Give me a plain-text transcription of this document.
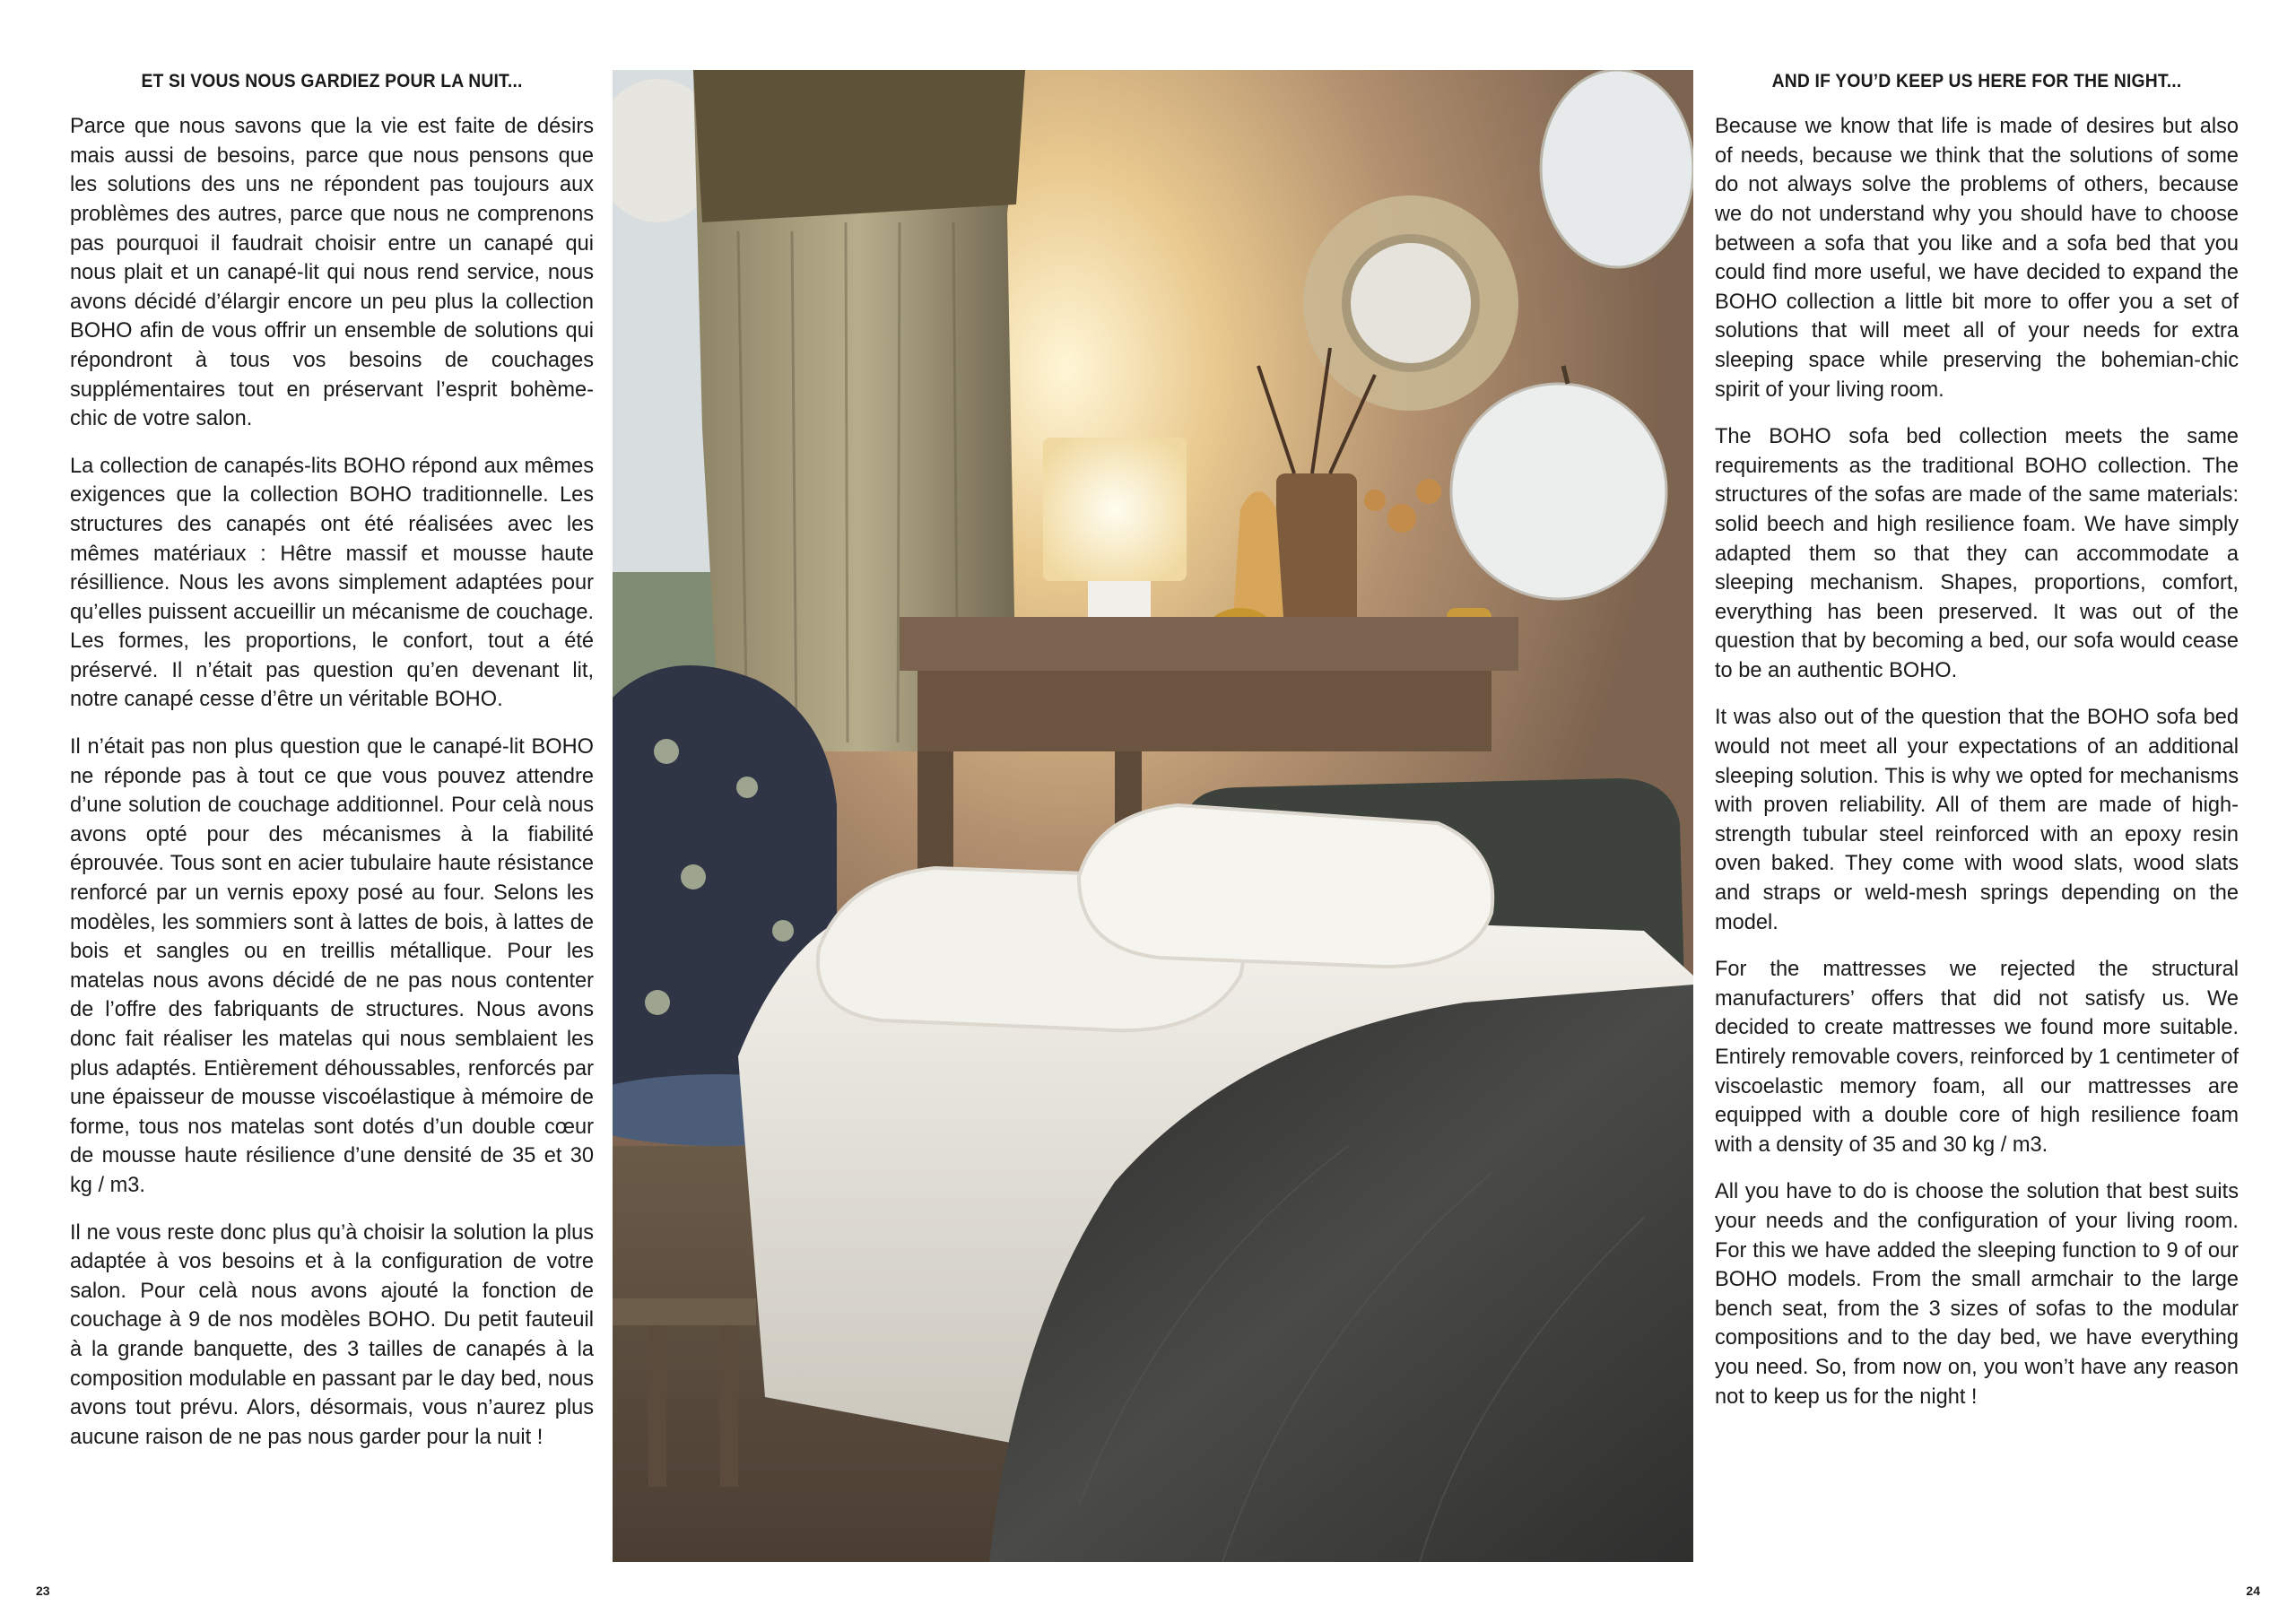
ET SI VOUS NOUS GARDIEZ POUR LA NUIT...

Parce que nous savons que la vie est faite de désirs mais aussi de besoins, parce que nous pensons que les solutions des uns ne répondent pas toujours aux problèmes des autres, parce que nous ne comprenons pas pourquoi il faudrait choisir entre un canapé qui nous plait et un canapé-lit qui nous rend service, nous avons décidé d’élargir encore un peu plus la collection BOHO afin de vous offrir un ensemble de solutions qui répondront à tous vos besoins de couchages supplémentaires tout en préservant l’esprit bohème-chic de votre salon.

La collection de canapés-lits BOHO répond aux mêmes exigences que la collection BOHO traditionnelle. Les structures des canapés ont été réalisées avec les mêmes matériaux : Hêtre massif et mousse haute résillience. Nous les avons simplement adaptées pour qu’elles puissent accueillir un mécanisme de couchage. Les formes, les proportions, le confort, tout a été préservé. Il n’était pas question qu’en devenant lit, notre canapé cesse d’être un véritable BOHO.

Il n’était pas non plus question que le canapé-lit BOHO ne réponde pas à tout ce que vous pouvez attendre d’une solution de couchage additionnel. Pour celà nous avons opté pour des mécanismes à la fiabilité éprouvée. Tous sont en acier tubulaire haute résistance renforcé par un vernis epoxy posé au four. Selons les modèles, les sommiers sont à lattes de bois, à lattes de bois et sangles ou en treillis métallique. Pour les matelas nous avons décidé de ne pas nous contenter de l’offre des fabriquants de structures. Nous avons donc fait réaliser les matelas qui nous semblaient les plus adaptés. Entièrement déhoussables, renforcés par une épaisseur de mousse viscoélastique à mémoire de forme, tous nos matelas sont dotés d’un double cœur de mousse haute résilience d’une densité de 35 et 30 kg / m3.

Il ne vous reste donc plus qu’à choisir la solution la plus adaptée à vos besoins et à la configuration de votre salon. Pour celà nous avons ajouté la fonction de couchage à 9 de nos modèles BOHO. Du petit fauteuil à la grande banquette, des 3 tailles de canapés à la composition modulable en passant par le day bed, nous avons tout prévu. Alors, désormais, vous n’aurez plus aucune raison de ne pas nous garder pour la nuit !

AND IF YOU’D KEEP US HERE FOR THE NIGHT...

Because we know that life is made of desires but also of needs, because we think that the solutions of some do not always solve the problems of others, because we do not understand why you should have to choose between a sofa that you like and a sofa bed that you could find more useful, we have decided to expand the BOHO collection a little bit more to offer you a set of solutions that will meet all of your needs for extra sleeping space while preserving the bohemian-chic spirit of your living room.

The BOHO sofa bed collection meets the same requirements as the traditional BOHO collection. The structures of the sofas are made of the same materials: solid beech and high resilience foam. We have simply adapted them so that they can accommodate a sleeping mechanism. Shapes, proportions, comfort, everything has been preserved. It was out of the question that by becoming a bed, our sofa would cease to be an authentic BOHO.

It was also out of the question that the BOHO sofa bed would not meet all your expectations of an additional sleeping solution. This is why we opted for mechanisms with proven reliability. All of them are made of high-strength tubular steel reinforced with an epoxy resin oven baked. They come with wood slats, wood slats and straps or weld-mesh springs depending on the model.

For the mattresses we rejected the structural manufacturers’ offers that did not satisfy us. We decided to create mattresses we found more suitable. Entirely removable covers, reinforced by 1 centimeter of viscoelastic memory foam, all our mattresses are equipped with a double core of high resilience foam with a density of 35 and 30 kg / m3.

All you have to do is choose the solution that best suits your needs and the configuration of your living room. For this we have added the sleeping function to 9 of our BOHO models. From the small armchair to the large bench seat, from the 3 sizes of sofas to the modular compositions and to the day bed, we have everything you need. So, from now on, you won’t have any reason not to keep us for the night !

23	24
